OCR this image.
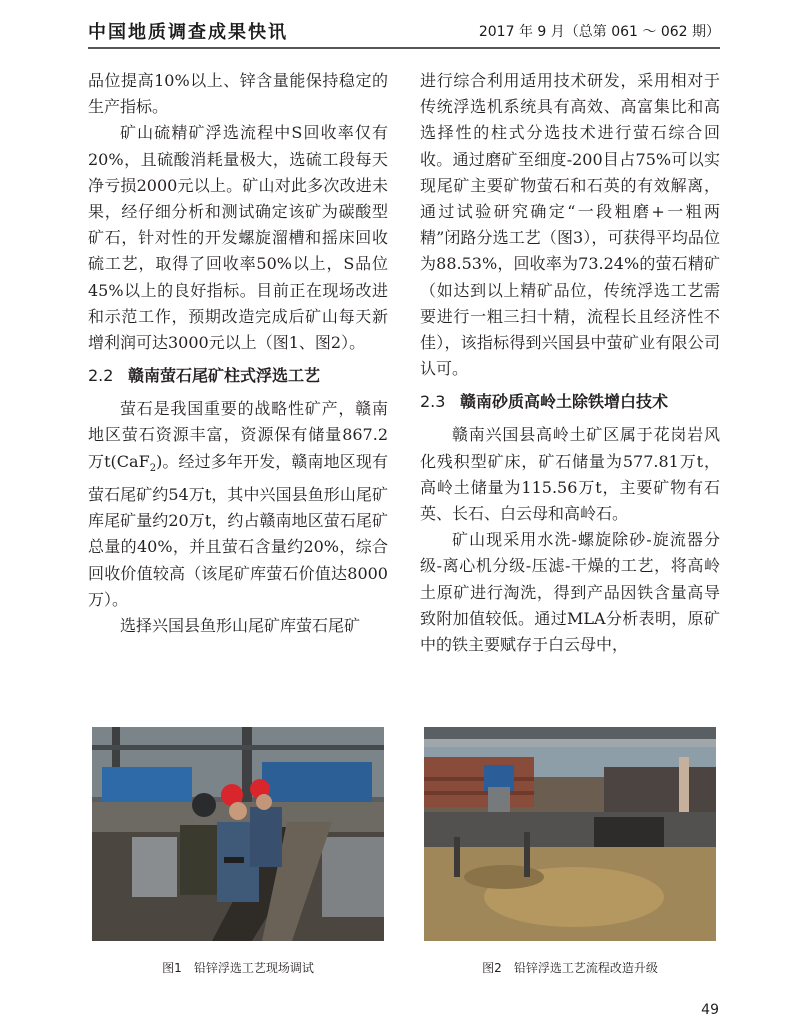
中国地质调查成果快讯	2017 年 9 月（总第 061 ～ 062 期）

品位提高10%以上、锌含量能保持稳定的生产指标。

矿山硫精矿浮选流程中S回收率仅有20%，且硫酸消耗量极大，选硫工段每天净亏损2000元以上。矿山对此多次改进未果，经仔细分析和测试确定该矿为碳酸型矿石，针对性的开发螺旋溜槽和摇床回收硫工艺，取得了回收率50%以上，S品位45%以上的良好指标。目前正在现场改进和示范工作，预期改造完成后矿山每天新增利润可达3000元以上（图1、图2）。

2.2 赣南萤石尾矿柱式浮选工艺

萤石是我国重要的战略性矿产，赣南地区萤石资源丰富，资源保有储量867.2万t(CaF$_2$)。经过多年开发，赣南地区现有萤石尾矿约54万t，其中兴国县鱼形山尾矿库尾矿量约20万t，约占赣南地区萤石尾矿总量的40%，并且萤石含量约20%，综合回收价值较高（该尾矿库萤石价值达8000万）。

选择兴国县鱼形山尾矿库萤石尾矿

进行综合利用适用技术研发，采用相对于传统浮选机系统具有高效、高富集比和高选择性的柱式分选技术进行萤石综合回收。通过磨矿至细度-200目占75%可以实现尾矿主要矿物萤石和石英的有效解离，通过试验研究确定“一段粗磨+一粗两精”闭路分选工艺（图3），可获得平均品位为88.53%，回收率为73.24%的萤石精矿（如达到以上精矿品位，传统浮选工艺需要进行一粗三扫十精，流程长且经济性不佳），该指标得到兴国县中萤矿业有限公司认可。

2.3 赣南砂质高岭土除铁增白技术

赣南兴国县高岭土矿区属于花岗岩风化残积型矿床，矿石储量为577.81万t，高岭土储量为115.56万t，主要矿物有石英、长石、白云母和高岭石。

矿山现采用水洗-螺旋除砂-旋流器分级-离心机分级-压滤-干燥的工艺，将高岭土原矿进行淘洗，得到产品因铁含量高导致附加值较低。通过MLA分析表明，原矿中的铁主要赋存于白云母中，

图1 铅锌浮选工艺现场调试	图2 铅锌浮选工艺流程改造升级
49
